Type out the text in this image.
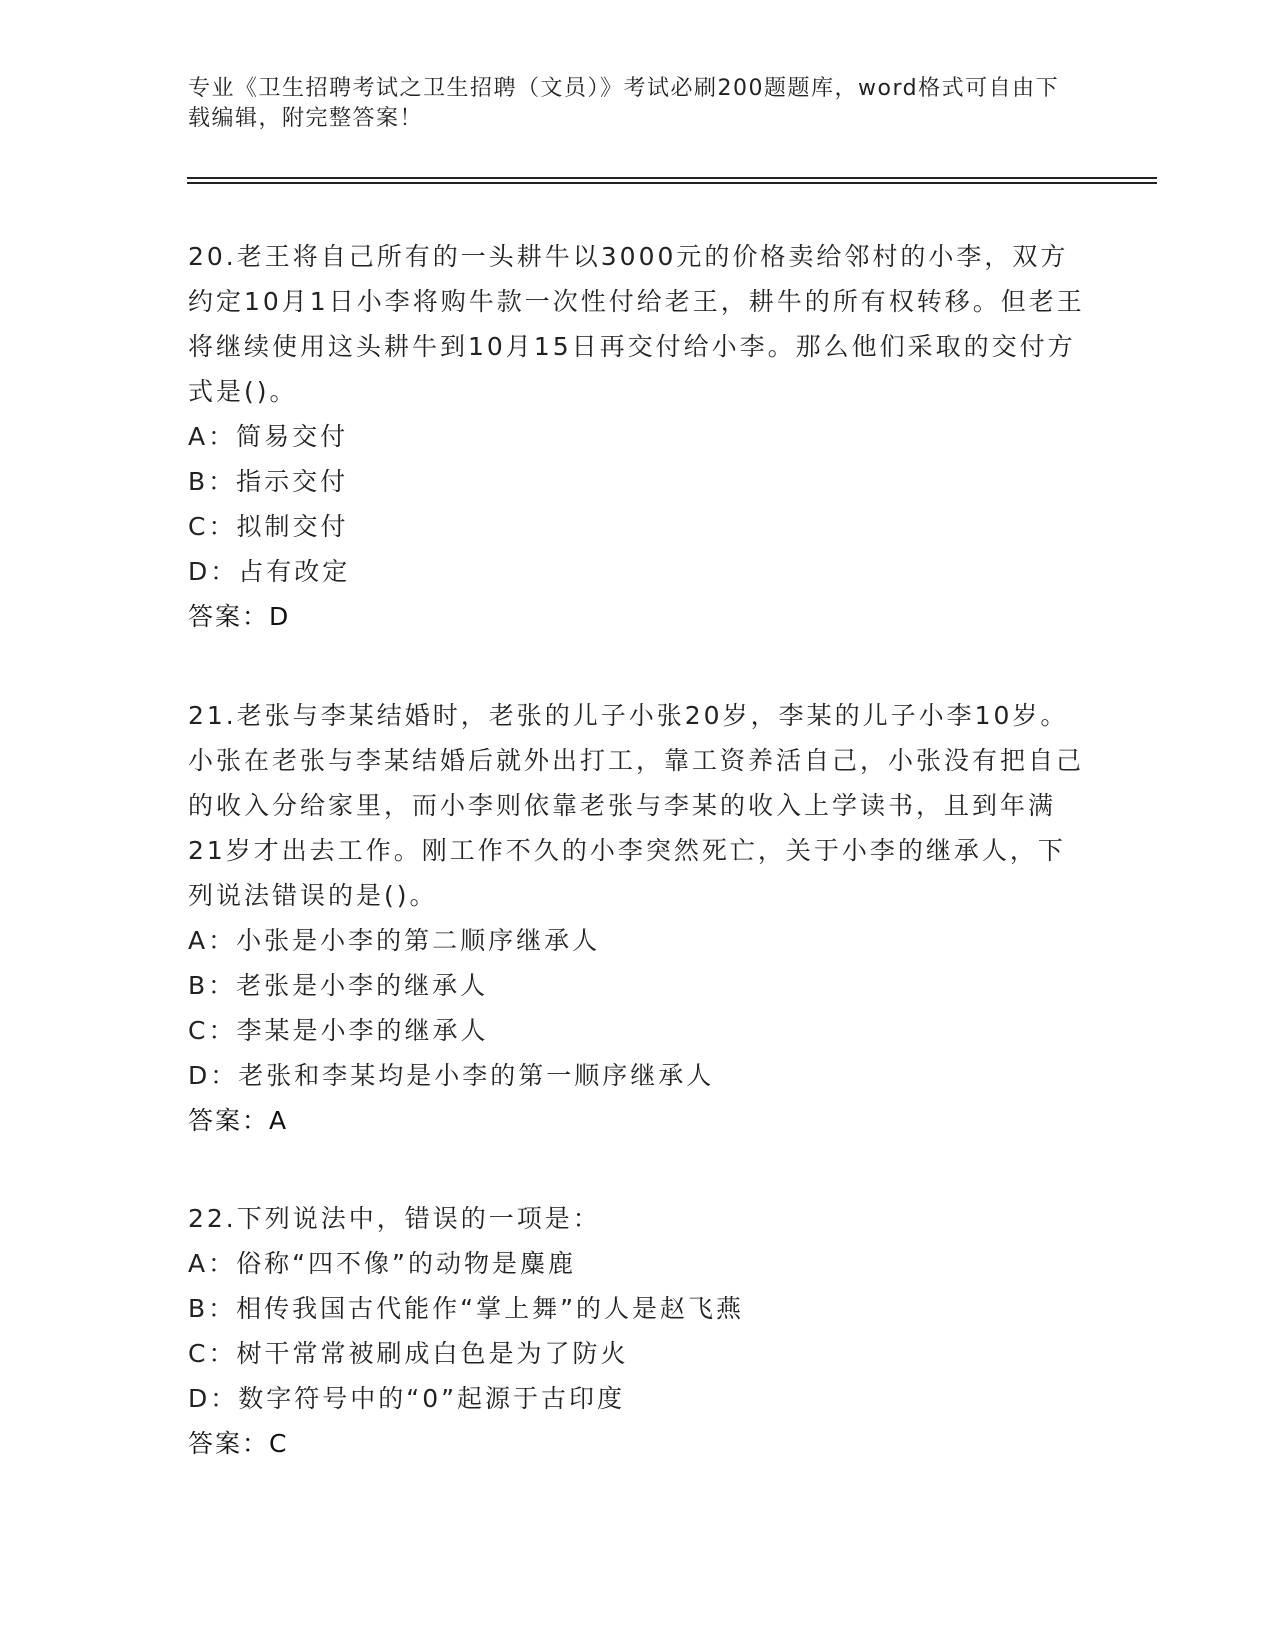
专业《卫生招聘考试之卫生招聘（文员）》考试必刷200题题库，word格式可自由下载编辑，附完整答案！

20.老王将自己所有的一头耕牛以3000元的价格卖给邻村的小李，双方约定10月1日小李将购牛款一次性付给老王，耕牛的所有权转移。但老王将继续使用这头耕牛到10月15日再交付给小李。那么他们采取的交付方式是()。

A：简易交付

B：指示交付

C：拟制交付

D：占有改定

答案：D

21.老张与李某结婚时，老张的儿子小张20岁，李某的儿子小李10岁。小张在老张与李某结婚后就外出打工，靠工资养活自己，小张没有把自己的收入分给家里，而小李则依靠老张与李某的收入上学读书，且到年满21岁才出去工作。刚工作不久的小李突然死亡，关于小李的继承人，下列说法错误的是()。

A：小张是小李的第二顺序继承人

B：老张是小李的继承人

C：李某是小李的继承人

D：老张和李某均是小李的第一顺序继承人

答案：A

22.下列说法中，错误的一项是：

A：俗称“四不像”的动物是麋鹿

B：相传我国古代能作“掌上舞”的人是赵飞燕

C：树干常常被刷成白色是为了防火

D：数字符号中的“0”起源于古印度

答案：C
